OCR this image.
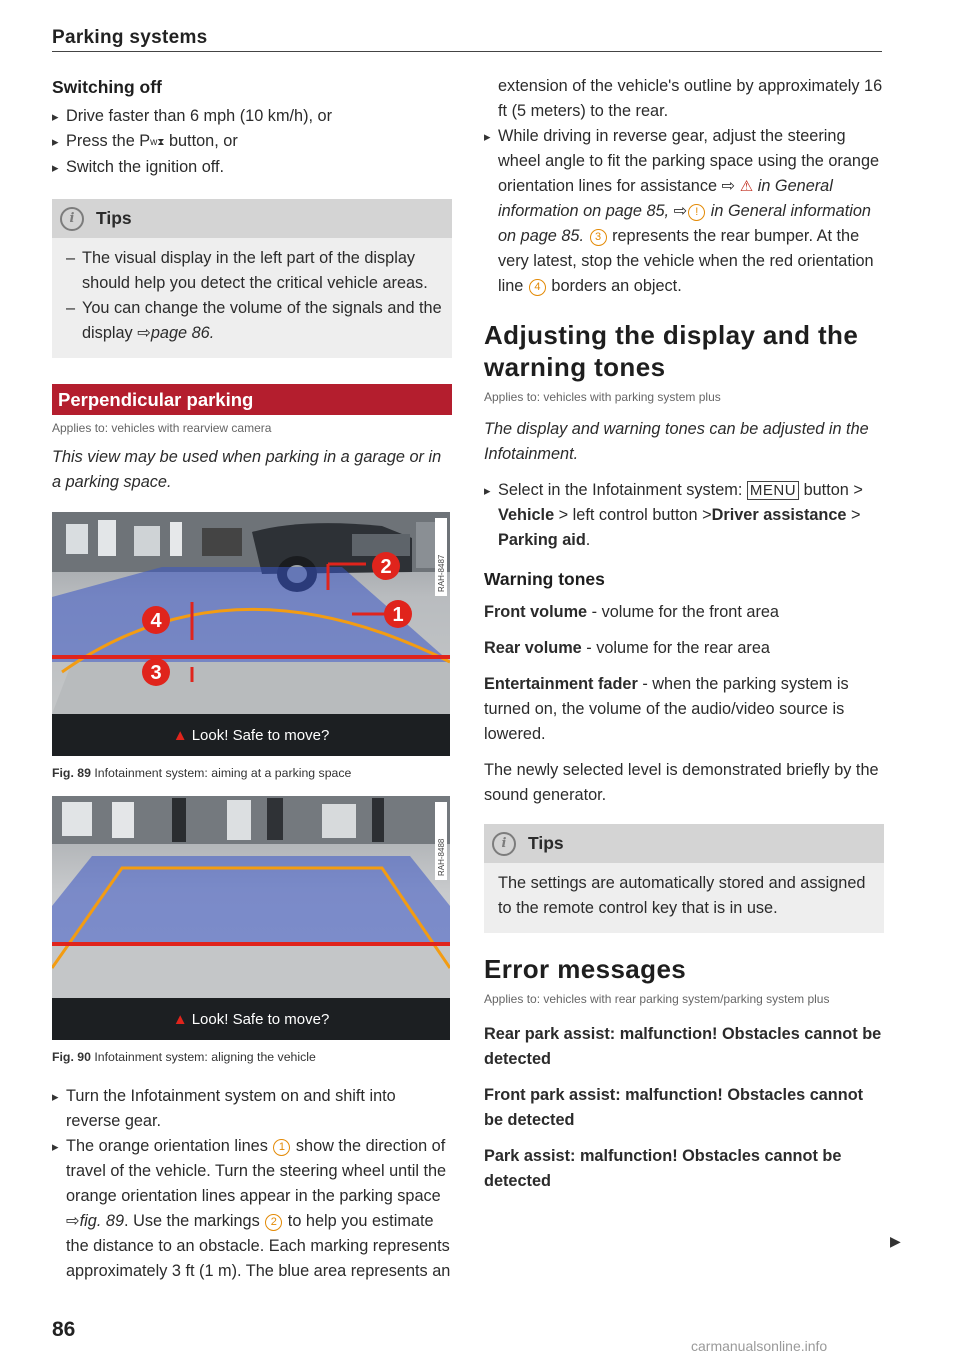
Parking systems

Switching off

▸ Drive faster than 6 mph (10 km/h), or

▸ Press the Pw⧗ button, or

▸ Switch the ignition off.

i	Tips

– The visual display in the left part of the display should help you detect the critical vehicle areas.

– You can change the volume of the signals and the display ⇨page 86.

Perpendicular parking

Applies to: vehicles with rearview camera

This view may be used when parking in a garage or in a parking space.

2
1
4
3
▲ Look! Safe to move?
RAH-8487

Fig. 89 Infotainment system: aiming at a parking space

▲ Look! Safe to move?
RAH-8488

Fig. 90 Infotainment system: aligning the vehicle

▸ Turn the Infotainment system on and shift into reverse gear.

▸ The orange orientation lines 1 show the direction of travel of the vehicle. Turn the steering wheel until the orange orientation lines appear in the parking space ⇨fig. 89. Use the markings 2 to help you estimate the distance to an obstacle. Each marking represents approximately 3 ft (1 m). The blue area represents an

extension of the vehicle's outline by approximately 16 ft (5 meters) to the rear.

▸ While driving in reverse gear, adjust the steering wheel angle to fit the parking space using the orange orientation lines for assistance ⇨ ⚠ in General information on page 85, ⇨ ! in General information on page 85. 3 represents the rear bumper. At the very latest, stop the vehicle when the red orientation line 4 borders an object.

Adjusting the display and the warning tones

Applies to: vehicles with parking system plus

The display and warning tones can be adjusted in the Infotainment.

▸ Select in the Infotainment system: MENU button > Vehicle > left control button >Driver assistance > Parking aid.

Warning tones

Front volume - volume for the front area

Rear volume - volume for the rear area

Entertainment fader - when the parking system is turned on, the volume of the audio/video source is lowered.

The newly selected level is demonstrated briefly by the sound generator.

i	Tips

The settings are automatically stored and assigned to the remote control key that is in use.

Error messages

Applies to: vehicles with rear parking system/parking system plus

Rear park assist: malfunction! Obstacles cannot be detected

Front park assist: malfunction! Obstacles cannot be detected

Park assist: malfunction! Obstacles cannot be detected

▶
86
carmanualsonline.info
